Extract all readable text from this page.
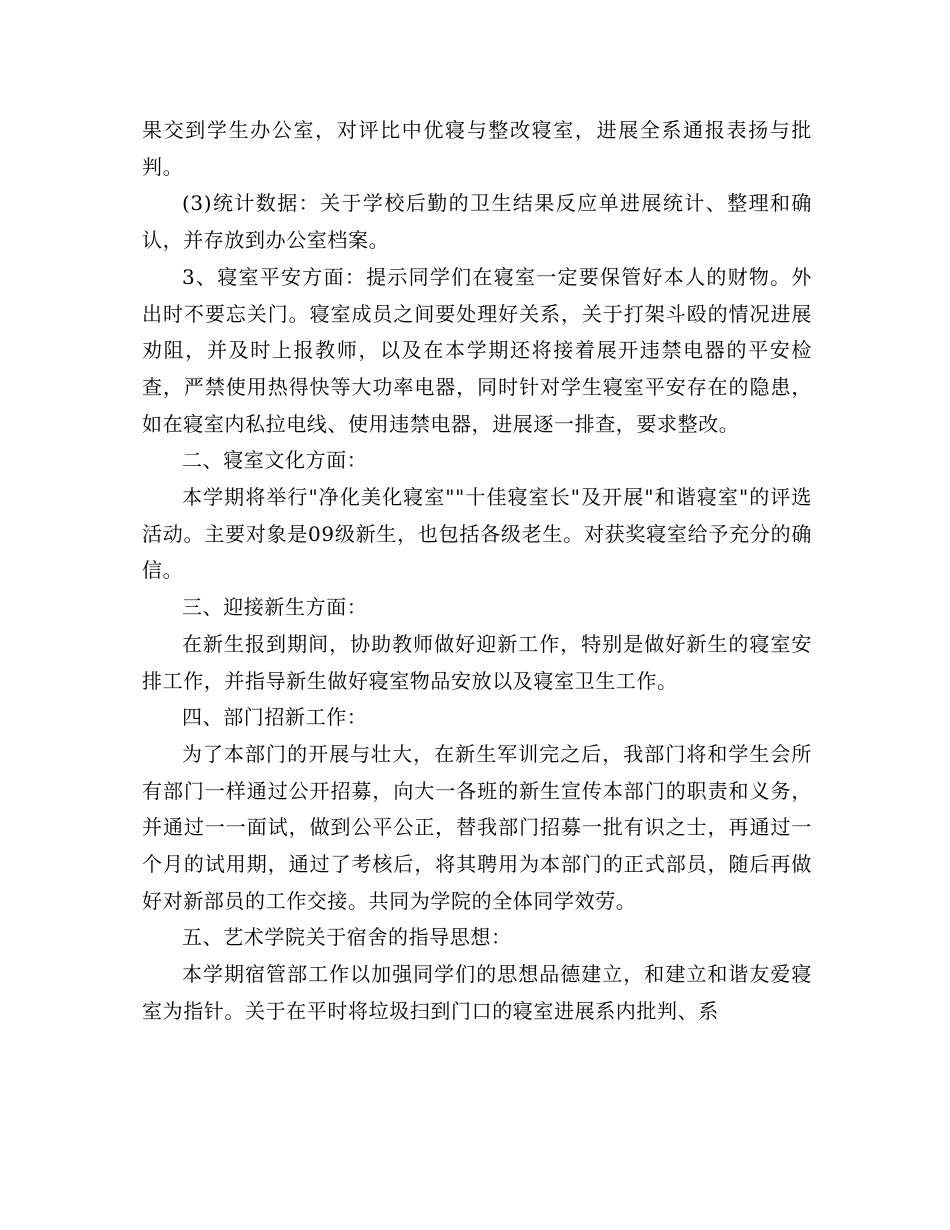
果交到学生办公室，对评比中优寝与整改寝室，进展全系通报表扬与批判。

(3)统计数据：关于学校后勤的卫生结果反应单进展统计、整理和确认，并存放到办公室档案。

3、寝室平安方面：提示同学们在寝室一定要保管好本人的财物。外出时不要忘关门。寝室成员之间要处理好关系，关于打架斗殴的情况进展劝阻，并及时上报教师，以及在本学期还将接着展开违禁电器的平安检查，严禁使用热得快等大功率电器，同时针对学生寝室平安存在的隐患，如在寝室内私拉电线、使用违禁电器，进展逐一排查，要求整改。

二、寝室文化方面：

本学期将举行"净化美化寝室""十佳寝室长"及开展"和谐寝室"的评选活动。主要对象是09级新生，也包括各级老生。对获奖寝室给予充分的确信。

三、迎接新生方面：

在新生报到期间，协助教师做好迎新工作，特别是做好新生的寝室安排工作，并指导新生做好寝室物品安放以及寝室卫生工作。

四、部门招新工作：

为了本部门的开展与壮大，在新生军训完之后，我部门将和学生会所有部门一样通过公开招募，向大一各班的新生宣传本部门的职责和义务，并通过一一面试，做到公平公正，替我部门招募一批有识之士，再通过一个月的试用期，通过了考核后，将其聘用为本部门的正式部员，随后再做好对新部员的工作交接。共同为学院的全体同学效劳。

五、艺术学院关于宿舍的指导思想：

本学期宿管部工作以加强同学们的思想品德建立，和建立和谐友爱寝室为指针。关于在平时将垃圾扫到门口的寝室进展系内批判、系
